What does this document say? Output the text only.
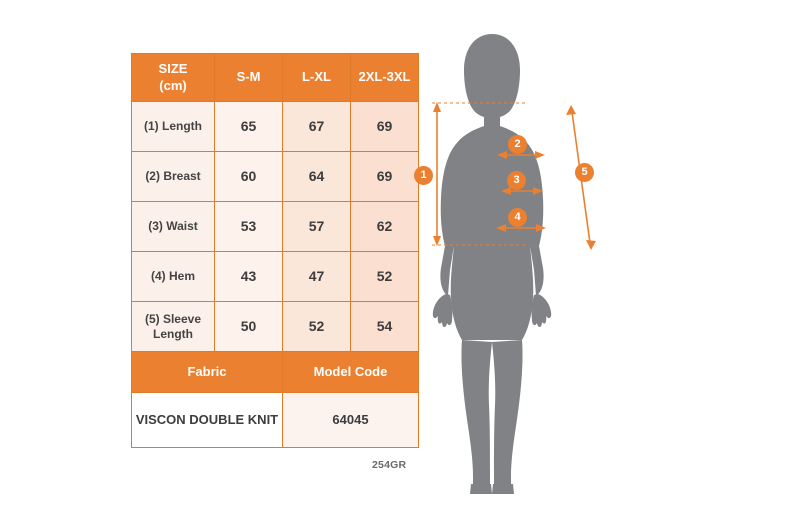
SIZE
(cm)	S-M	L-XL	2XL-3XL
(1) Length	65	67	69
(2) Breast	60	64	69
(3) Waist	53	57	62
(4) Hem	43	47	52
(5) Sleeve Length	50	52	54
Fabric		Model Code	
VISCON DOUBLE KNIT		64045	
254GR
1
2
3
4
5
